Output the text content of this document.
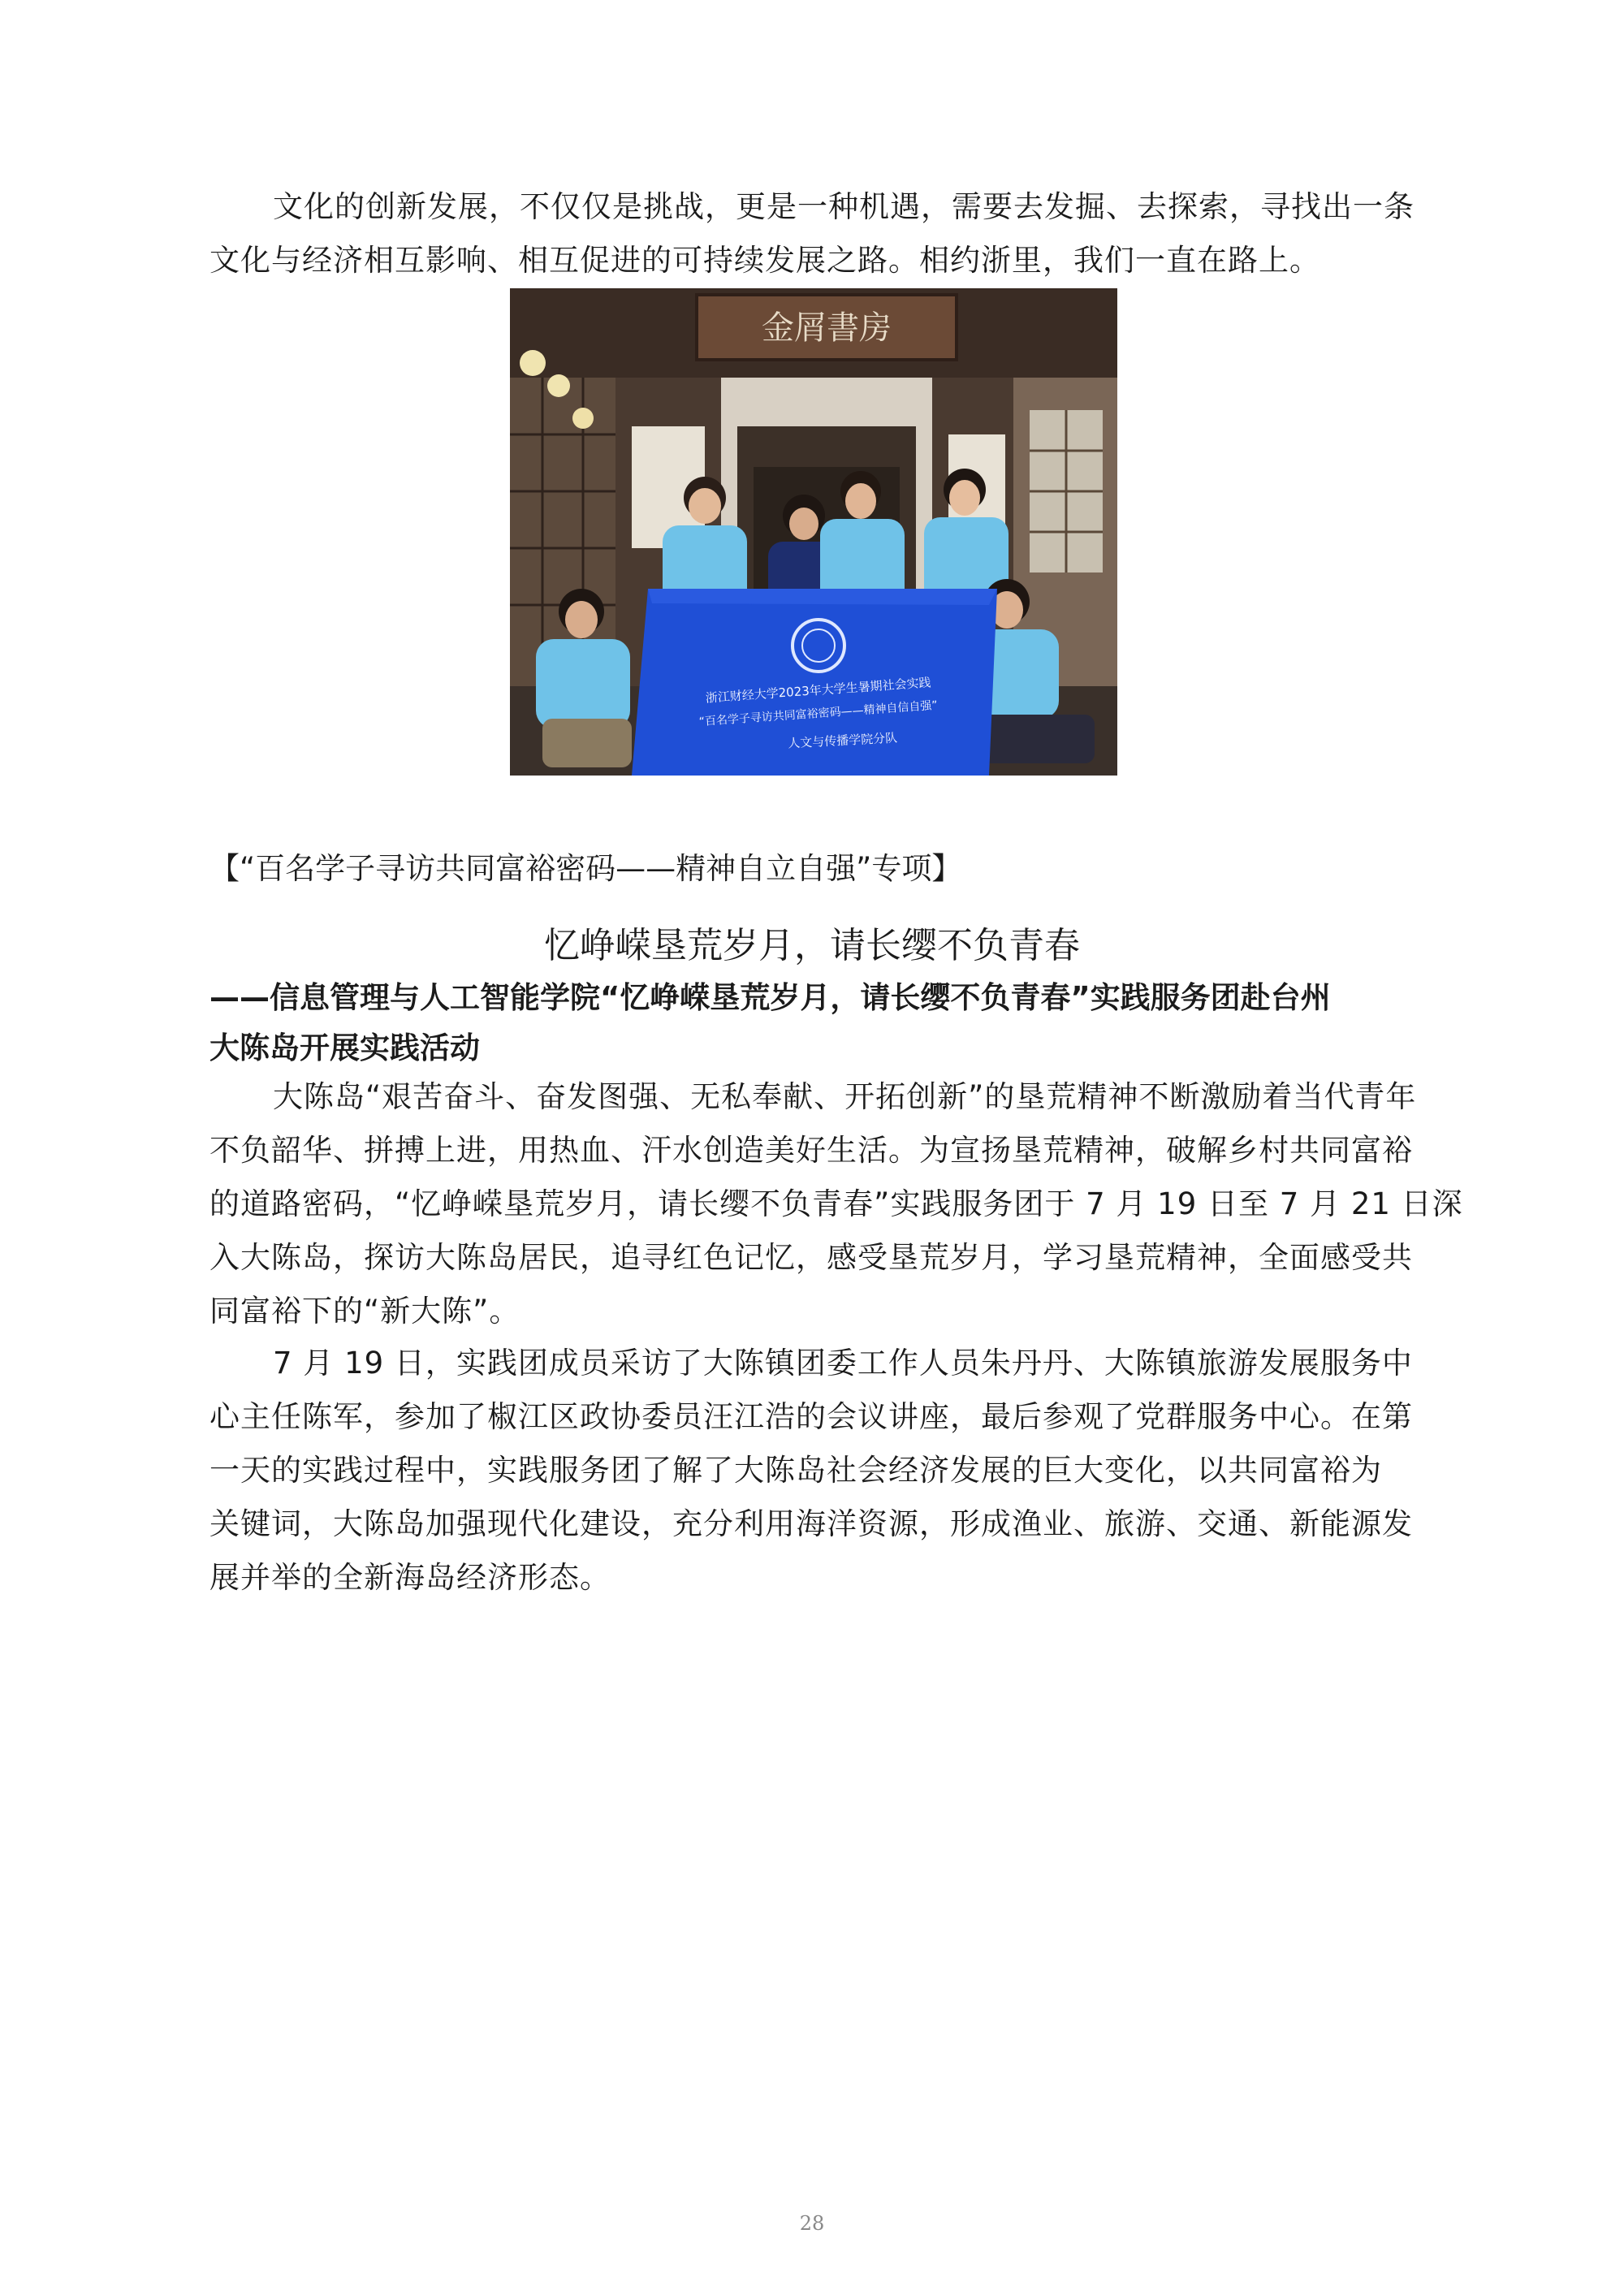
文化的创新发展，不仅仅是挑战，更是一种机遇，需要去发掘、去探索，寻找出一条
文化与经济相互影响、相互促进的可持续发展之路。相约浙里，我们一直在路上。
金屑書房
浙江财经大学2023年大学生暑期社会实践
“百名学子寻访共同富裕密码——精神自信自强”
人文与传播学院分队

【“百名学子寻访共同富裕密码——精神自立自强”专项】

忆峥嵘垦荒岁月，请长缨不负青春
——信息管理与人工智能学院“忆峥嵘垦荒岁月，请长缨不负青春”实践服务团赴台州
大陈岛开展实践活动
大陈岛“艰苦奋斗、奋发图强、无私奉献、开拓创新”的垦荒精神不断激励着当代青年
不负韶华、拼搏上进，用热血、汗水创造美好生活。为宣扬垦荒精神，破解乡村共同富裕
的道路密码，“忆峥嵘垦荒岁月，请长缨不负青春”实践服务团于 7 月 19 日至 7 月 21 日深
入大陈岛，探访大陈岛居民，追寻红色记忆，感受垦荒岁月，学习垦荒精神，全面感受共
同富裕下的“新大陈”。
7 月 19 日，实践团成员采访了大陈镇团委工作人员朱丹丹、大陈镇旅游发展服务中
心主任陈军，参加了椒江区政协委员汪江浩的会议讲座，最后参观了党群服务中心。在第
一天的实践过程中，实践服务团了解了大陈岛社会经济发展的巨大变化，以共同富裕为
关键词，大陈岛加强现代化建设，充分利用海洋资源，形成渔业、旅游、交通、新能源发
展并举的全新海岛经济形态。
28
